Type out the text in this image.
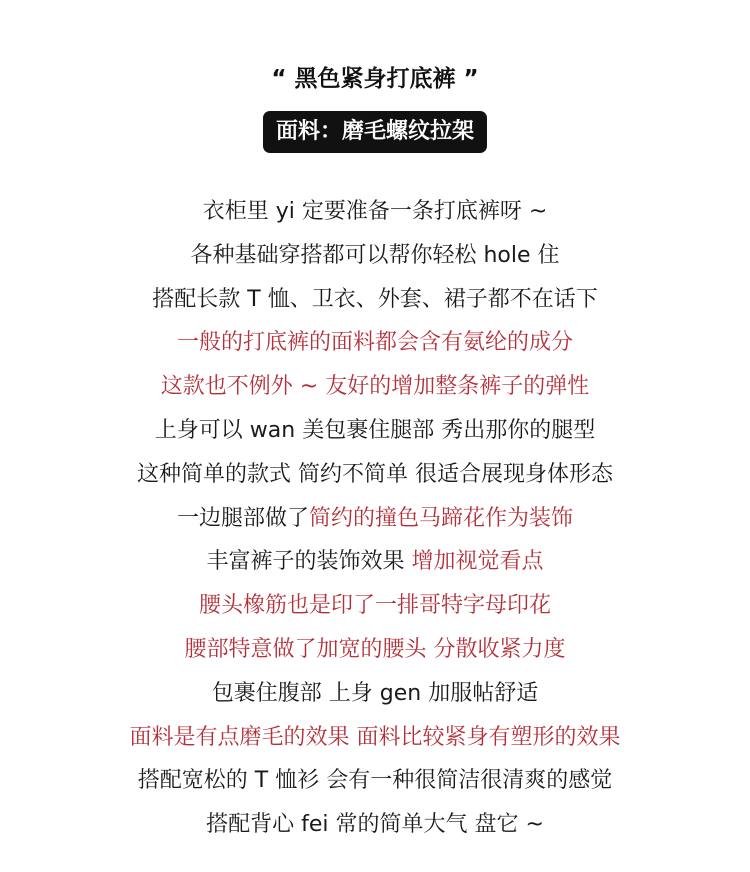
“ 黑色紧身打底裤 ”
面料：磨毛螺纹拉架
衣柜里 yi 定要准备一条打底裤呀 ~
各种基础穿搭都可以帮你轻松 hole 住
搭配长款 T 恤、卫衣、外套、裙子都不在话下
一般的打底裤的面料都会含有氨纶的成分
这款也不例外 ~ 友好的增加整条裤子的弹性
上身可以 wan 美包裹住腿部 秀出那你的腿型
这种简单的款式 简约不简单 很适合展现身体形态
一边腿部做了简约的撞色马蹄花作为装饰
丰富裤子的装饰效果 增加视觉看点
腰头橡筋也是印了一排哥特字母印花
腰部特意做了加宽的腰头 分散收紧力度
包裹住腹部 上身 gen 加服帖舒适
面料是有点磨毛的效果 面料比较紧身有塑形的效果
搭配宽松的 T 恤衫 会有一种很简洁很清爽的感觉
搭配背心 fei 常的简单大气 盘它 ~
